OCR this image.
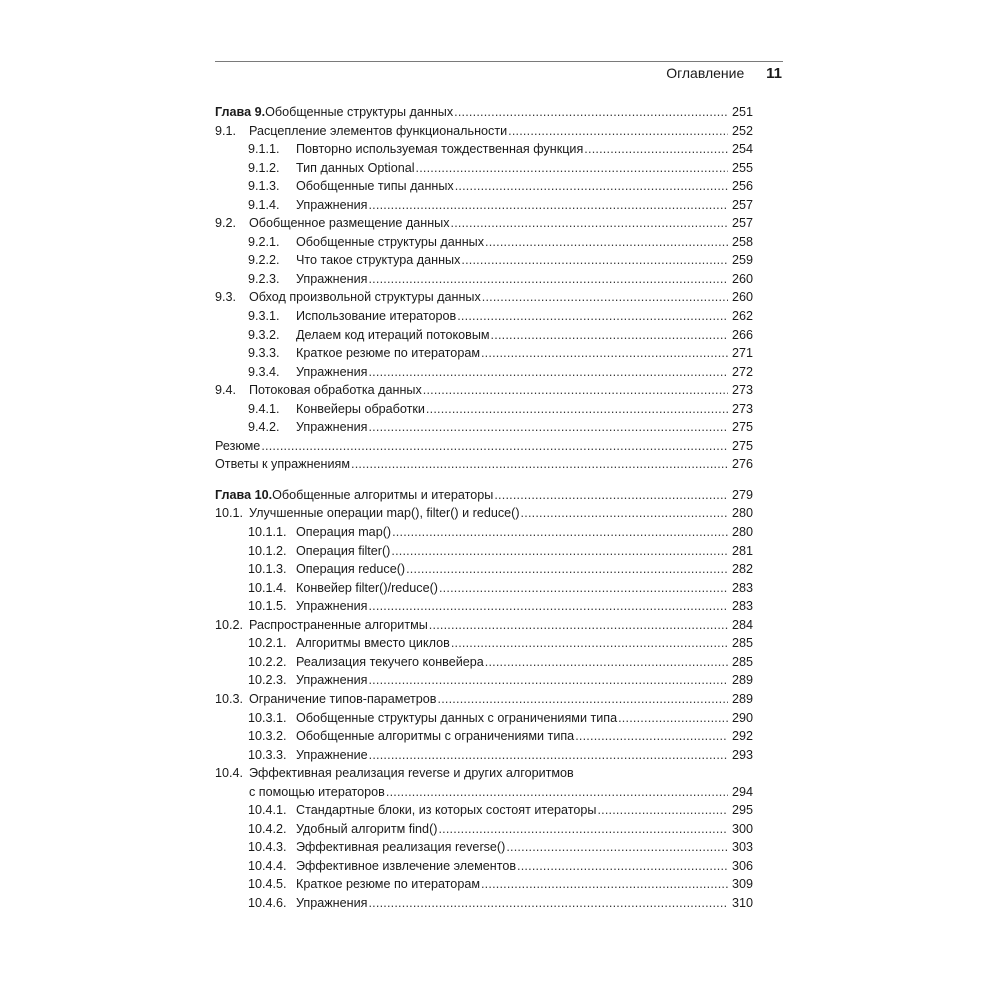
Оглавление 11
Глава 9. Обобщенные структуры данных .....	251
9.1.	Расцепление элементов функциональности .....	252
9.1.1.	Повторно используемая тождественная функция .....	254
9.1.2.	Тип данных Optional .....	255
9.1.3.	Обобщенные типы данных .....	256
9.1.4.	Упражнения .....	257
9.2.	Обобщенное размещение данных .....	257
9.2.1.	Обобщенные структуры данных .....	258
9.2.2.	Что такое структура данных .....	259
9.2.3.	Упражнения .....	260
9.3.	Обход произвольной структуры данных .....	260
9.3.1.	Использование итераторов .....	262
9.3.2.	Делаем код итераций потоковым .....	266
9.3.3.	Краткое резюме по итераторам .....	271
9.3.4.	Упражнения .....	272
9.4.	Потоковая обработка данных .....	273
9.4.1.	Конвейеры обработки .....	273
9.4.2.	Упражнения .....	275
Резюме .....	275
Ответы к упражнениям .....	276
Глава 10. Обобщенные алгоритмы и итераторы .....	279
10.1. Улучшенные операции map(), filter() и reduce() .....	280
10.1.1. Операция map() .....	280
10.1.2. Операция filter() .....	281
10.1.3. Операция reduce() .....	282
10.1.4. Конвейер filter()/reduce() .....	283
10.1.5. Упражнения .....	283
10.2. Распространенные алгоритмы .....	284
10.2.1. Алгоритмы вместо циклов .....	285
10.2.2. Реализация текучего конвейера .....	285
10.2.3. Упражнения .....	289
10.3. Ограничение типов-параметров .....	289
10.3.1. Обобщенные структуры данных с ограничениями типа .....	290
10.3.2. Обобщенные алгоритмы с ограничениями типа .....	292
10.3.3. Упражнение .....	293
10.4. Эффективная реализация reverse и других алгоритмов
с помощью итераторов .....	294
10.4.1. Стандартные блоки, из которых состоят итераторы .....	295
10.4.2. Удобный алгоритм find() .....	300
10.4.3. Эффективная реализация reverse() .....	303
10.4.4. Эффективное извлечение элементов .....	306
10.4.5. Краткое резюме по итераторам .....	309
10.4.6. Упражнения .....	310
